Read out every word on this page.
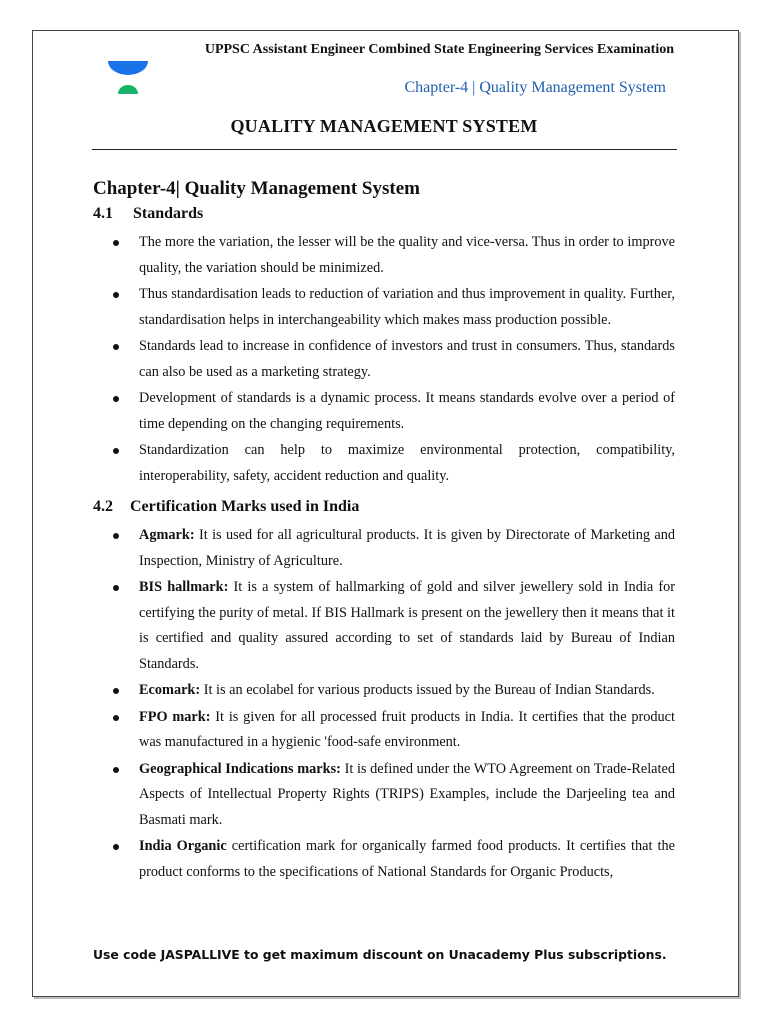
UPPSC Assistant Engineer Combined State Engineering Services Examination
Chapter-4 | Quality Management System
QUALITY MANAGEMENT SYSTEM
Chapter-4| Quality Management System
4.1 Standards
The more the variation, the lesser will be the quality and vice-versa. Thus in order to improve quality, the variation should be minimized.
Thus standardisation leads to reduction of variation and thus improvement in quality. Further, standardisation helps in interchangeability which makes mass production possible.
Standards lead to increase in confidence of investors and trust in consumers. Thus, standards can also be used as a marketing strategy.
Development of standards is a dynamic process. It means standards evolve over a period of time depending on the changing requirements.
Standardization can help to maximize environmental protection, compatibility, interoperability, safety, accident reduction and quality.
4.2 Certification Marks used in India
Agmark: It is used for all agricultural products. It is given by Directorate of Marketing and Inspection, Ministry of Agriculture.
BIS hallmark: It is a system of hallmarking of gold and silver jewellery sold in India for certifying the purity of metal. If BIS Hallmark is present on the jewellery then it means that it is certified and quality assured according to set of standards laid by Bureau of Indian Standards.
Ecomark: It is an ecolabel for various products issued by the Bureau of Indian Standards.
FPO mark: It is given for all processed fruit products in India. It certifies that the product was manufactured in a hygienic 'food-safe environment.
Geographical Indications marks: It is defined under the WTO Agreement on Trade-Related Aspects of Intellectual Property Rights (TRIPS) Examples, include the Darjeeling tea and Basmati mark.
India Organic certification mark for organically farmed food products. It certifies that the product conforms to the specifications of National Standards for Organic Products,
Use code JASPALLIVE to get maximum discount on Unacademy Plus subscriptions.
